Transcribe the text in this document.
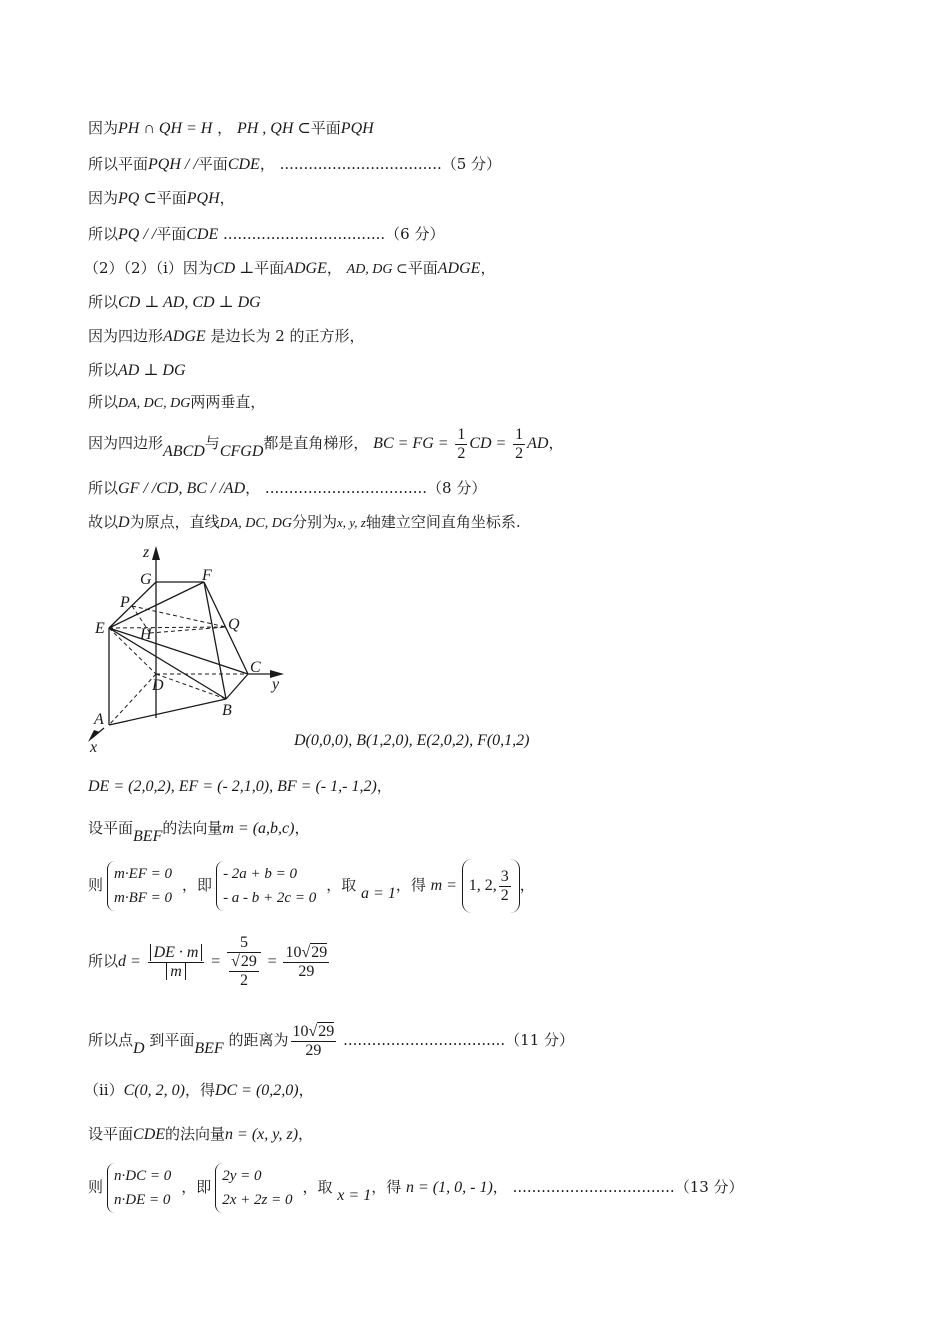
因为PH ∩ QH = H ， PH , QH ⊂平面PQH
所以平面PQH / /平面CDE， ..................................（5 分）
因为PQ ⊂平面PQH，
所以PQ / /平面CDE ..................................（6 分）
（2）（2）（i）因为CD ⊥平面ADGE， AD, DG ⊂平面ADGE，
所以CD ⊥ AD, CD ⊥ DG
因为四边形ADGE 是边长为 2 的正方形，
所以AD ⊥ DG
所以DA, DC, DG两两垂直，
因为四边形ABCD与CFGD都是直角梯形， BC = FG = $\frac{1}{2}$ CD = $\frac{1}{2}$ AD，
所以GF / /CD, BC / /AD， ..................................（8 分）
故以D为原点，直线DA, DC, DG分别为x, y, z轴建立空间直角坐标系.
z
G	F
P
E H
Q
C
y
D
B
A
x	D(0,0,0), B(1,2,0), E(2,0,2), F(0,1,2)
DE = (2,0,2), EF = (- 2,1,0), BF = (- 1,- 1,2)，
设平面BEF的法向量m = (a,b,c)，
则
m·EF = 0
m·BF = 0
，即
- 2a + b = 0
- a - b + 2c = 0
，取 a = 1，得 m = 1, 2, $\frac{3}{2}$ ，
所以$d = \frac{DE \cdot m}{m} = \frac{5}{\frac{√29}{2}} = \frac{10√29}{29}$
所以点D 到平面BEF 的距离为 $\frac{10√29}{29} ..................................(11$ 分）
（ii）C(0, 2, 0)，得DC = (0,2,0)，
设平面CDE的法向量n = (x, y, z)，
则
n·DC = 0
n·DE = 0
，即
2y = 0
2x + 2z = 0
，取 x = 1，得 n = (1, 0, - 1)， ..................................（13 分）
